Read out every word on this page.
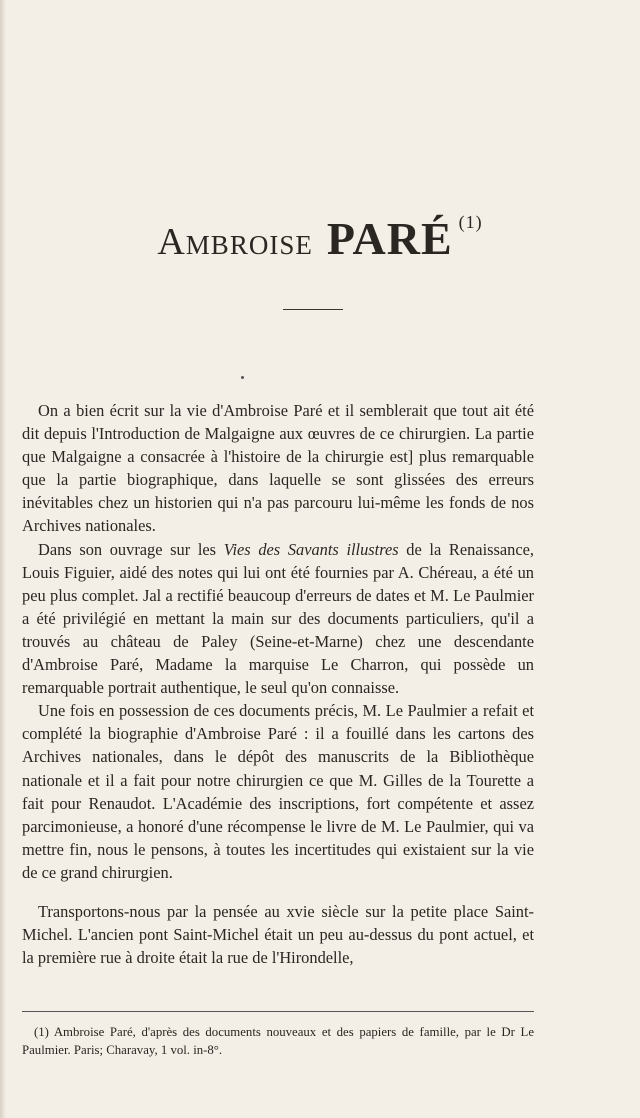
Ambroise PARÉ (1)

On a bien écrit sur la vie d'Ambroise Paré et il semblerait que tout ait été dit depuis l'Introduction de Malgaigne aux œuvres de ce chirurgien. La partie que Malgaigne a consacrée à l'histoire de la chirurgie est] plus remarquable que la partie biographique, dans laquelle se sont glissées des erreurs inévitables chez un historien qui n'a pas parcouru lui-même les fonds de nos Archives nationales.

Dans son ouvrage sur les Vies des Savants illustres de la Renaissance, Louis Figuier, aidé des notes qui lui ont été fournies par A. Chéreau, a été un peu plus complet. Jal a rectifié beaucoup d'erreurs de dates et M. Le Paulmier a été privilégié en mettant la main sur des documents particuliers, qu'il a trouvés au château de Paley (Seine-et-Marne) chez une descendante d'Ambroise Paré, Madame la marquise Le Charron, qui possède un remarquable portrait authentique, le seul qu'on connaisse.

Une fois en possession de ces documents précis, M. Le Paulmier a refait et complété la biographie d'Ambroise Paré : il a fouillé dans les cartons des Archives nationales, dans le dépôt des manuscrits de la Bibliothèque nationale et il a fait pour notre chirurgien ce que M. Gilles de la Tourette a fait pour Renaudot. L'Académie des inscriptions, fort compétente et assez parcimonieuse, a honoré d'une récompense le livre de M. Le Paulmier, qui va mettre fin, nous le pensons, à toutes les incertitudes qui existaient sur la vie de ce grand chirurgien.

Transportons-nous par la pensée au xvie siècle sur la petite place Saint-Michel. L'ancien pont Saint-Michel était un peu au-dessus du pont actuel, et la première rue à droite était la rue de l'Hirondelle,

(1) Ambroise Paré, d'après des documents nouveaux et des papiers de famille, par le Dr Le Paulmier. Paris; Charavay, 1 vol. in-8°.
